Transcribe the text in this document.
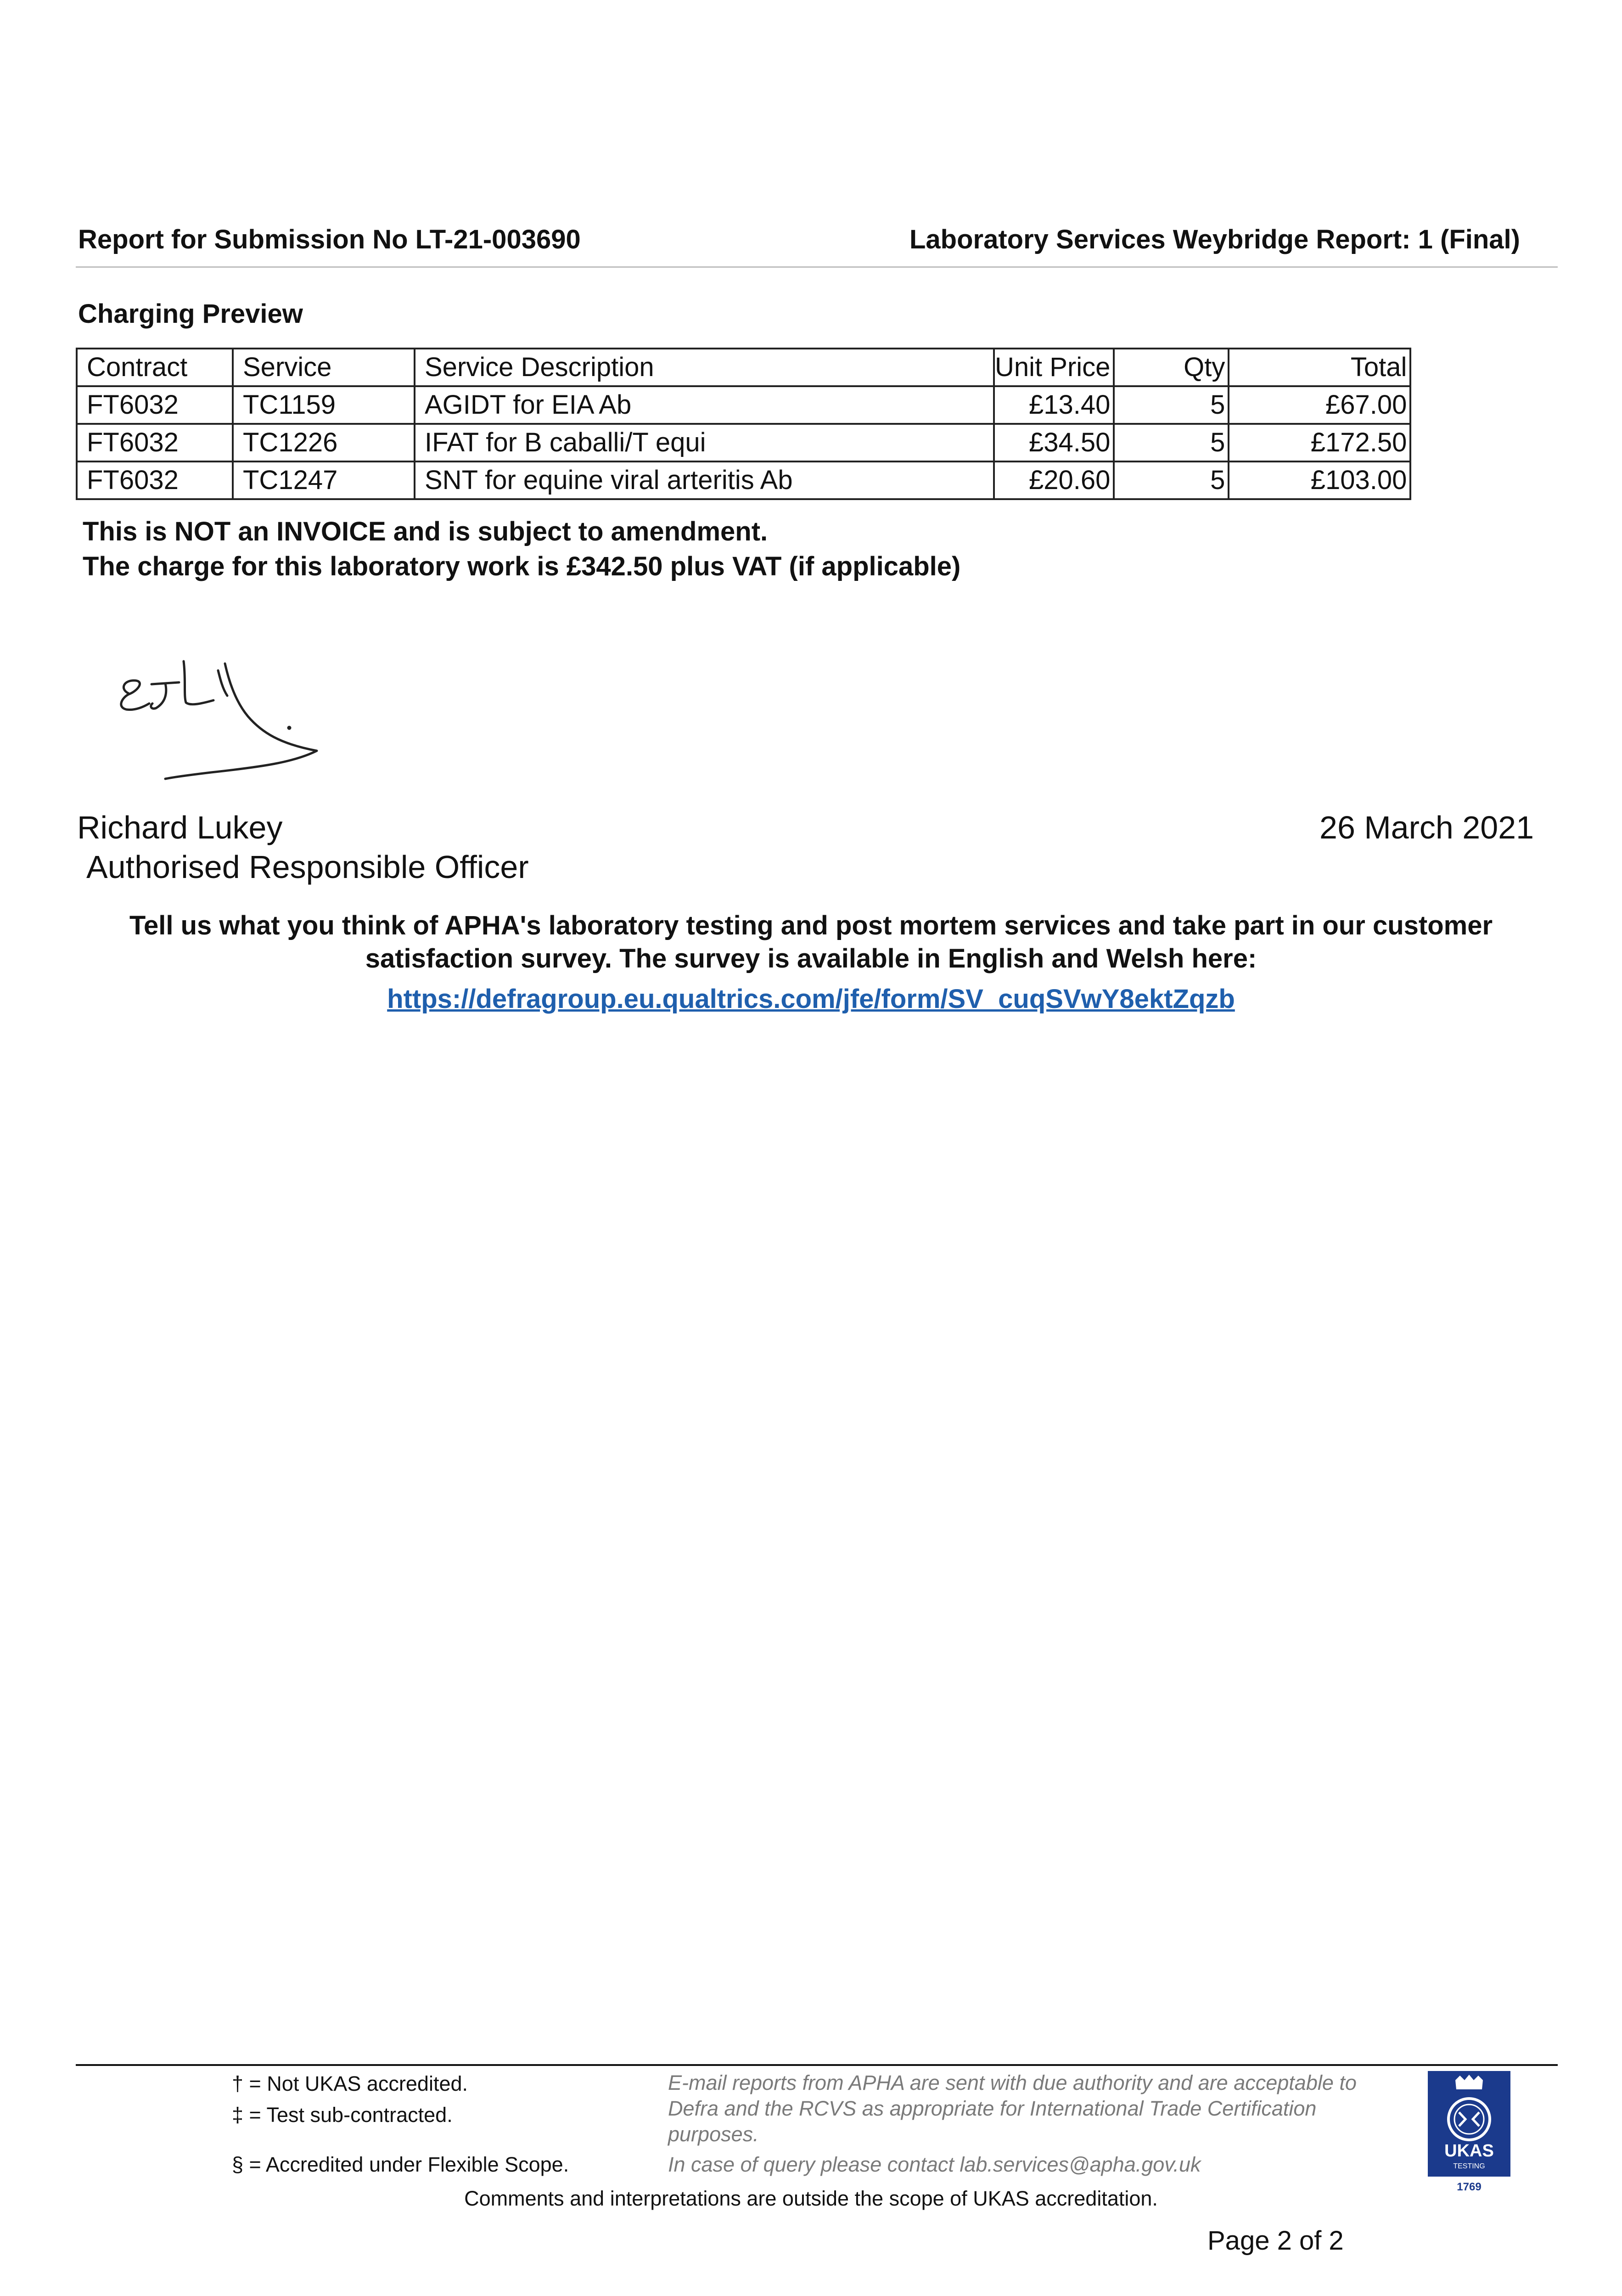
Report for Submission No LT-21-003690	Laboratory Services Weybridge Report: 1 (Final)
Charging Preview
Contract	Service	Service Description	Unit Price	Qty	Total
FT6032	TC1159	AGIDT for EIA Ab	£13.40	5	£67.00
FT6032	TC1226	IFAT for B caballi/T equi	£34.50	5	£172.50
FT6032	TC1247	SNT for equine viral arteritis Ab	£20.60	5	£103.00
This is NOT an INVOICE and is subject to amendment.
The charge for this laboratory work is £342.50 plus VAT (if applicable)
Richard Lukey
Authorised Responsible Officer
26 March 2021
Tell us what you think of APHA's laboratory testing and post mortem services and take part in our customer
satisfaction survey. The survey is available in English and Welsh here:
https://defragroup.eu.qualtrics.com/jfe/form/SV_cuqSVwY8ektZqzb
† = Not UKAS accredited.
‡ = Test sub-contracted.
§ = Accredited under Flexible Scope.
E-mail reports from APHA are sent with due authority and are acceptable to Defra and the RCVS as appropriate for International Trade Certification purposes.
In case of query please contact lab.services@apha.gov.uk
Comments and interpretations are outside the scope of UKAS accreditation.
Page 2 of 2
UKAS
TESTING
1769
